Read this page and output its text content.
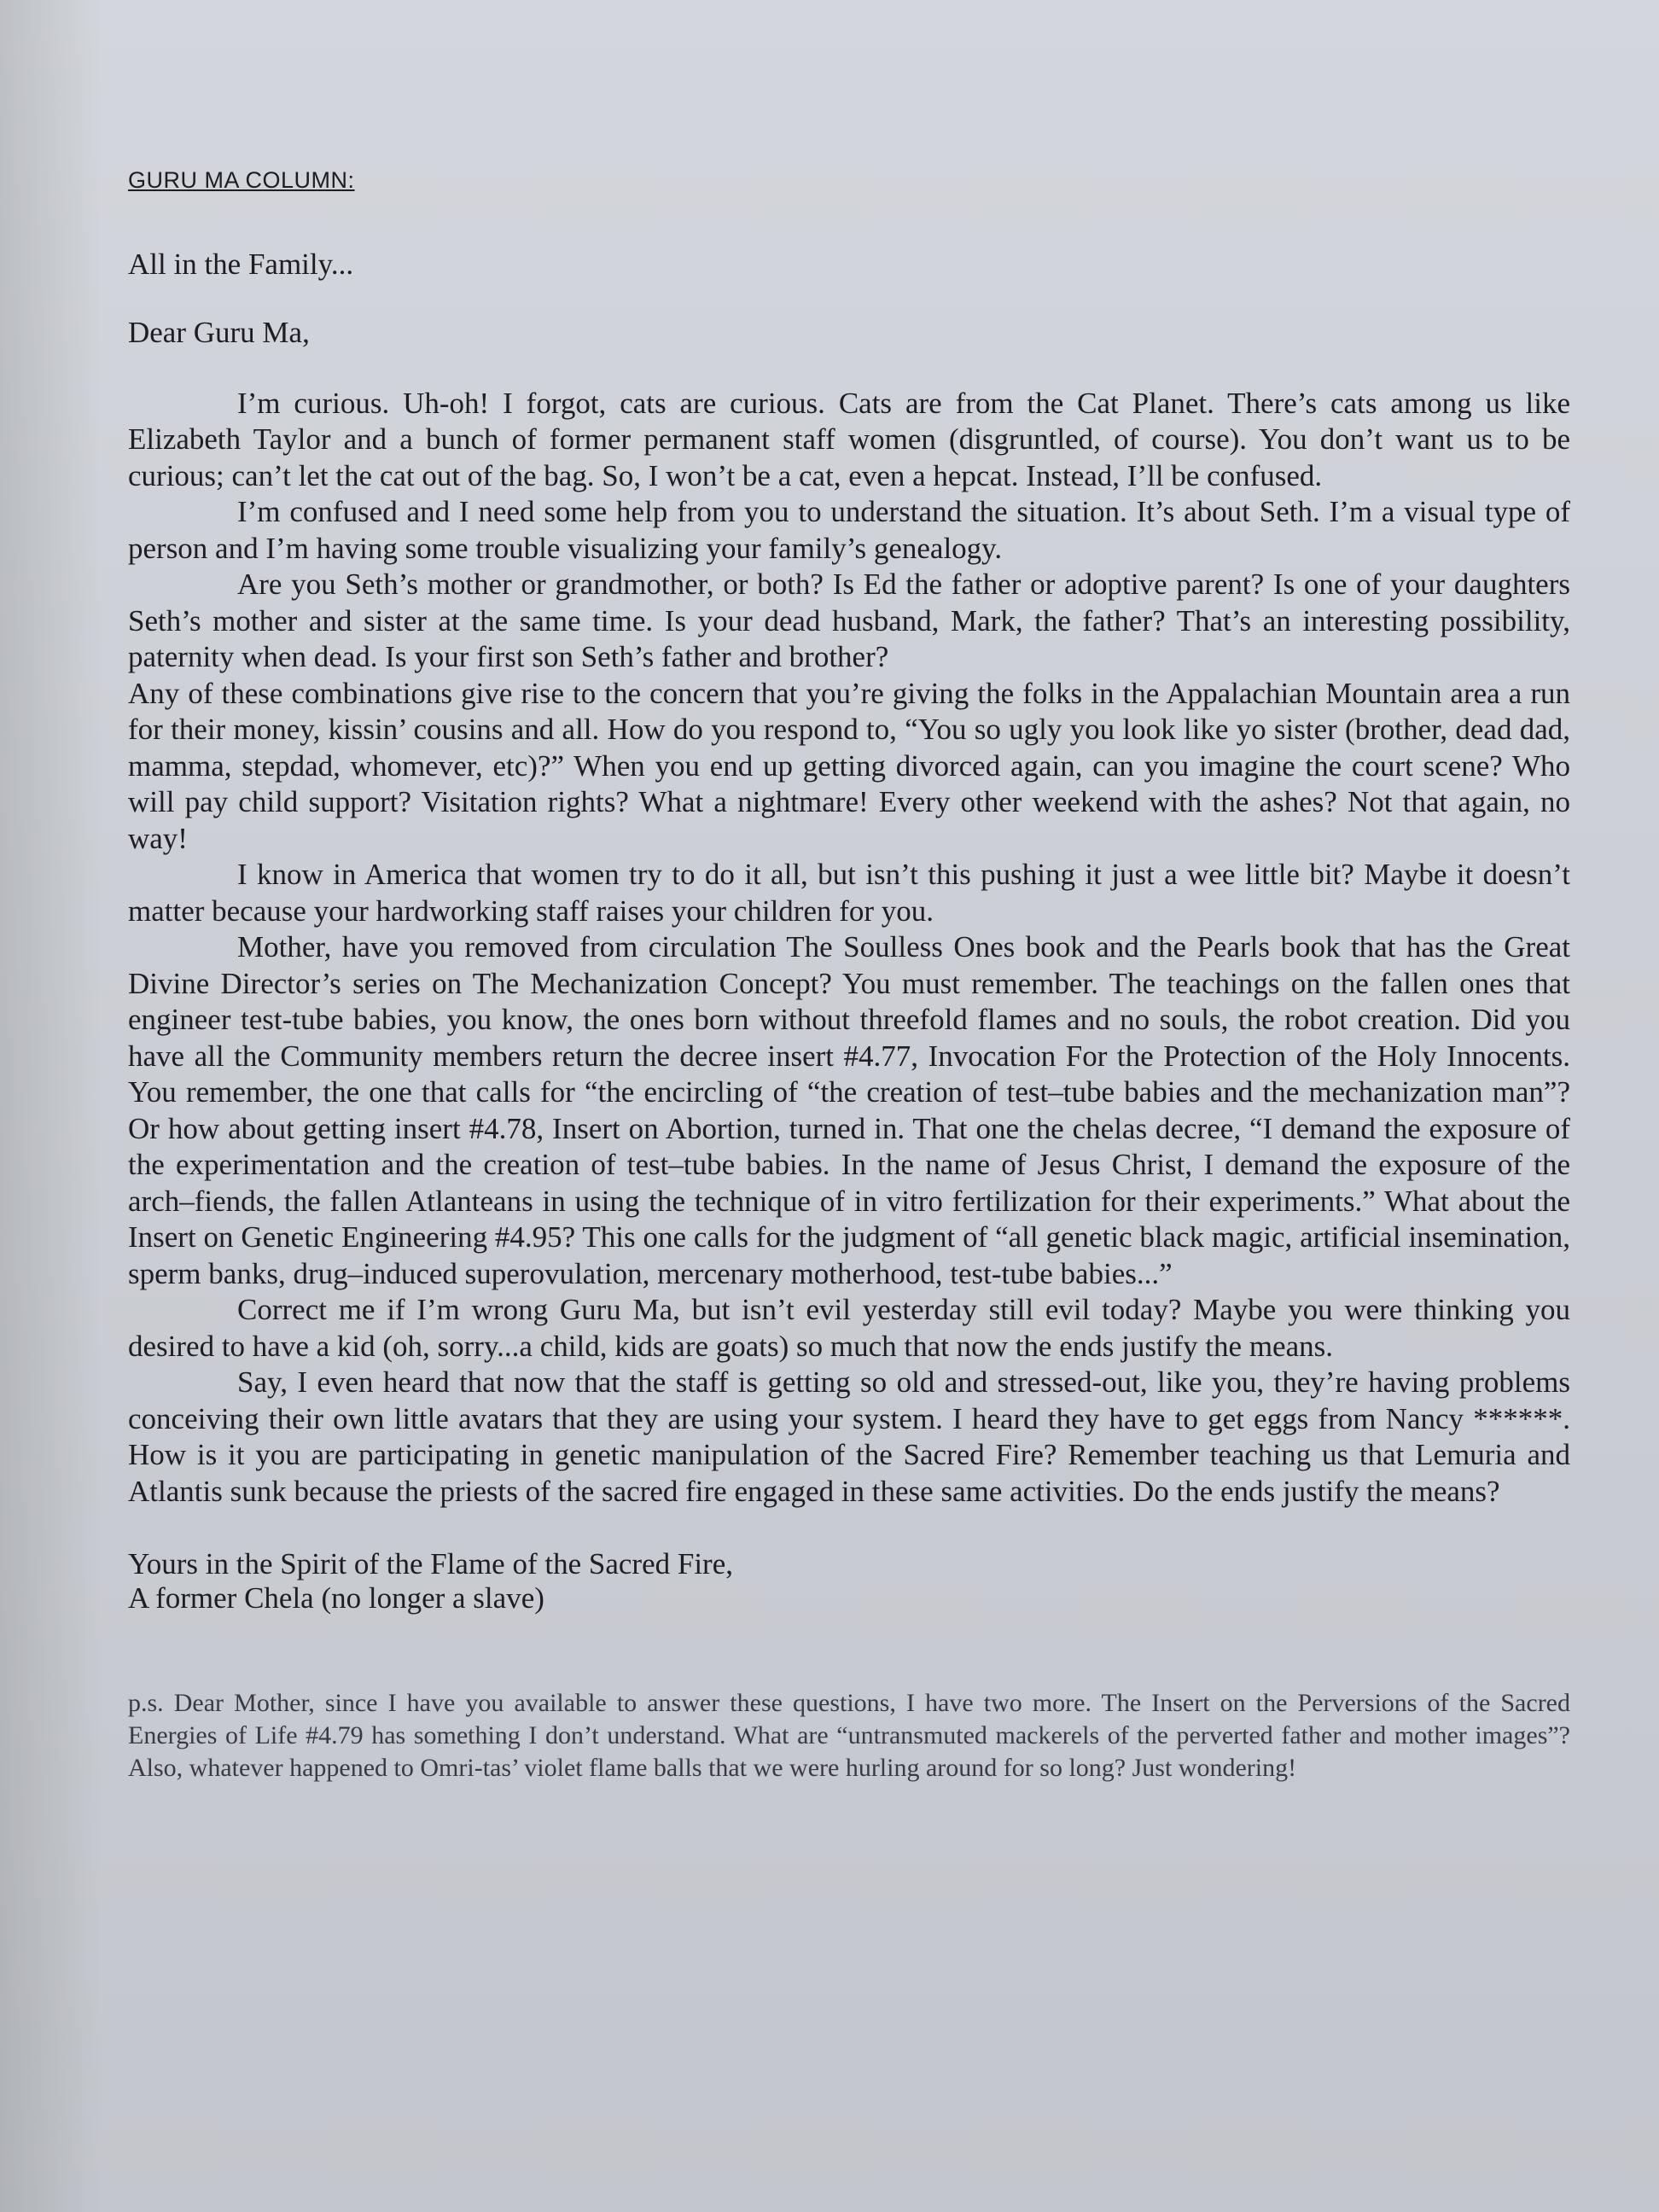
GURU MA COLUMN:
All in the Family...
Dear Guru Ma,

I’m curious. Uh-oh! I forgot, cats are curious. Cats are from the Cat Planet. There’s cats among us like Elizabeth Taylor and a bunch of former permanent staff women (disgruntled, of course). You don’t want us to be curious; can’t let the cat out of the bag. So, I won’t be a cat, even a hepcat. Instead, I’ll be confused.

I’m confused and I need some help from you to understand the situation. It’s about Seth. I’m a visual type of person and I’m having some trouble visualizing your family’s genealogy.

Are you Seth’s mother or grandmother, or both? Is Ed the father or adoptive parent? Is one of your daughters Seth’s mother and sister at the same time. Is your dead husband, Mark, the father? That’s an interesting possibility, paternity when dead. Is your first son Seth’s father and brother?

Any of these combinations give rise to the concern that you’re giving the folks in the Appalachian Mountain area a run for their money, kissin’ cousins and all. How do you respond to, “You so ugly you look like yo sister (brother, dead dad, mamma, stepdad, whomever, etc)?” When you end up getting divorced again, can you imagine the court scene? Who will pay child support? Visitation rights? What a nightmare! Every other weekend with the ashes? Not that again, no way!

I know in America that women try to do it all, but isn’t this pushing it just a wee little bit? Maybe it doesn’t matter because your hardworking staff raises your children for you.

Mother, have you removed from circulation The Soulless Ones book and the Pearls book that has the Great Divine Director’s series on The Mechanization Concept? You must remember. The teachings on the fallen ones that engineer test-tube babies, you know, the ones born without threefold flames and no souls, the robot creation. Did you have all the Community members return the decree insert #4.77, Invocation For the Protection of the Holy Innocents. You remember, the one that calls for “the encircling of “the creation of test–tube babies and the mechanization man”? Or how about getting insert #4.78, Insert on Abortion, turned in. That one the chelas decree, “I demand the exposure of the experimentation and the creation of test–tube babies. In the name of Jesus Christ, I demand the exposure of the arch–fiends, the fallen Atlanteans in using the technique of in vitro fertilization for their experiments.” What about the Insert on Genetic Engineering #4.95? This one calls for the judgment of “all genetic black magic, artificial insemination, sperm banks, drug–induced superovulation, mercenary motherhood, test-tube babies...”

Correct me if I’m wrong Guru Ma, but isn’t evil yesterday still evil today? Maybe you were thinking you desired to have a kid (oh, sorry...a child, kids are goats) so much that now the ends justify the means.

Say, I even heard that now that the staff is getting so old and stressed-out, like you, they’re having problems conceiving their own little avatars that they are using your system. I heard they have to get eggs from Nancy ******. How is it you are participating in genetic manipulation of the Sacred Fire? Remember teaching us that Lemuria and Atlantis sunk because the priests of the sacred fire engaged in these same activities. Do the ends justify the means?

Yours in the Spirit of the Flame of the Sacred Fire,
A former Chela (no longer a slave)

p.s. Dear Mother, since I have you available to answer these questions, I have two more. The Insert on the Perversions of the Sacred Energies of Life #4.79 has something I don’t understand. What are “untransmuted mackerels of the perverted father and mother images”? Also, whatever happened to Omri-tas’ violet flame balls that we were hurling around for so long? Just wondering!
